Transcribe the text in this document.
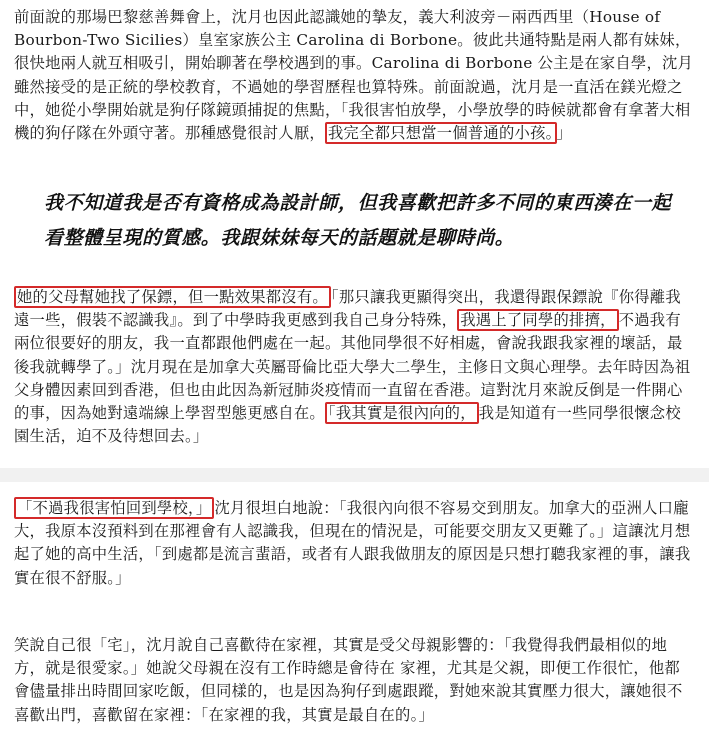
前面說的那場巴黎慈善舞會上，沈月也因此認識她的摯友，義大利波旁－兩西西里（House of Bourbon-Two Sicilies）皇室家族公主 Carolina di Borbone。彼此共通特點是兩人都有妹妹，很快地兩人就互相吸引，開始聊著在學校遇到的事。Carolina di Borbone 公主是在家自學，沈月雖然接受的是正統的學校教育，不過她的學習歷程也算特殊。前面說過，沈月是一直活在鎂光燈之中，她從小學開始就是狗仔隊鏡頭捕捉的焦點，「我很害怕放學，小學放學的時候就都會有拿著大相機的狗仔隊在外頭守著。那種感覺很討人厭， 我完全都只想當一個普通的小孩。 」

我不知道我是否有資格成為設計師，但我喜歡把許多不同的東西湊在一起看整體呈現的質感。我跟妹妹每天的話題就是聊時尚。

她的父母幫她找了保鏢，但一點效果都沒有。 「那只讓我更顯得突出，我還得跟保鏢說『你得離我遠一些，假裝不認識我』。到了中學時我更感到我自己身分特殊， 我遇上了同學的排擠， 不過我有兩位很要好的朋友，我一直都跟他們處在一起。其他同學很不好相處，會說我跟我家裡的壞話，最後我就轉學了。」沈月現在是加拿大英屬哥倫比亞大學大二學生，主修日文與心理學。去年時因為祖父身體因素回到香港，但也由此因為新冠肺炎疫情而一直留在香港。這對沈月來說反倒是一件開心的事，因為她對遠端線上學習型態更感自在。 「我其實是很內向的， 我是知道有一些同學很懷念校園生活，迫不及待想回去。」

「不過我很害怕回到學校，」 沈月很坦白地說：「我很內向很不容易交到朋友。加拿大的亞洲人口龐大，我原本沒預料到在那裡會有人認識我，但現在的情況是，可能要交朋友又更難了。」這讓沈月想起了她的高中生活，「到處都是流言蜚語，或者有人跟我做朋友的原因是只想打聽我家裡的事，讓我實在很不舒服。」

笑說自己很「宅」，沈月說自己喜歡待在家裡，其實是受父母親影響的：「我覺得我們最相似的地方，就是很愛家。」她說父母親在沒有工作時總是會待在 家裡，尤其是父親，即便工作很忙，他都會儘量排出時間回家吃飯，但同樣的，也是因為狗仔到處跟蹤，對她來說其實壓力很大，讓她很不喜歡出門，喜歡留在家裡：「在家裡的我，其實是最自在的。」
